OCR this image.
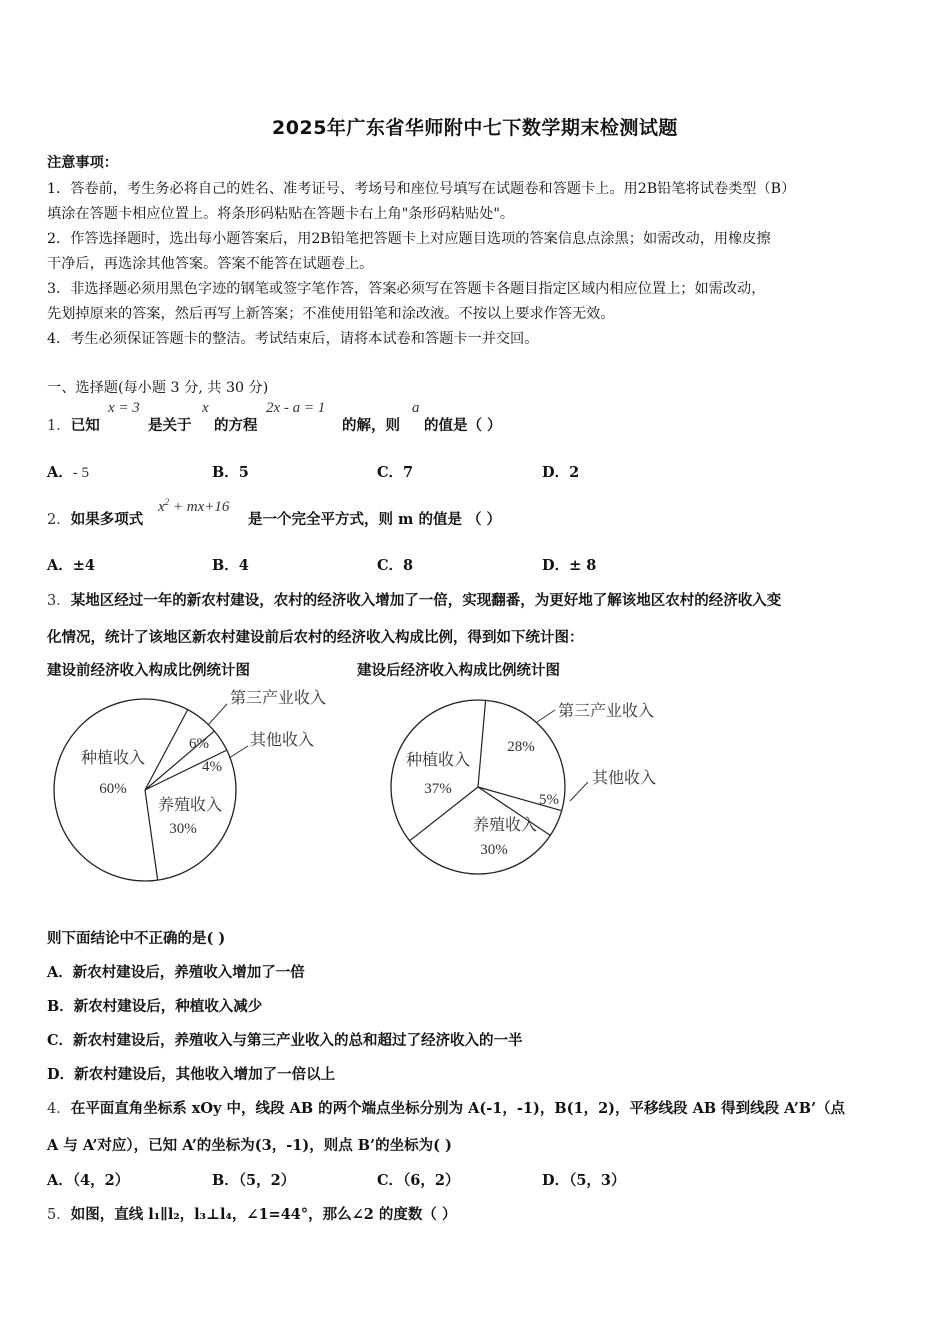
2025年广东省华师附中七下数学期末检测试题
注意事项：
1．答卷前，考生务必将自己的姓名、准考证号、考场号和座位号填写在试题卷和答题卡上。用2B铅笔将试卷类型（B）
填涂在答题卡相应位置上。将条形码粘贴在答题卡右上角"条形码粘贴处"。
2．作答选择题时，选出每小题答案后，用2B铅笔把答题卡上对应题目选项的答案信息点涂黑；如需改动，用橡皮擦
干净后，再选涂其他答案。答案不能答在试题卷上。
3．非选择题必须用黑色字迹的钢笔或签字笔作答，答案必须写在答题卡各题目指定区域内相应位置上；如需改动，
先划掉原来的答案，然后再写上新答案；不准使用铅笔和涂改液。不按以上要求作答无效。
4．考生必须保证答题卡的整洁。考试结束后，请将本试卷和答题卡一并交回。
一、选择题(每小题 3 分, 共 30 分)
1．已知
x = 3
是关于
x
的方程
2x - a = 1
的解，则
a
的值是（ ）
A．- 5	B．5	C．7	D．2
2．如果多项式
$x^2 + mx+16$
是一个完全平方式，则 m 的值是 （ ）
A．±4	B．4	C．8	D．± 8
3．某地区经过一年的新农村建设，农村的经济收入增加了一倍，实现翻番，为更好地了解该地区农村的经济收入变
化情况，统计了该地区新农村建设前后农村的经济收入构成比例，得到如下统计图：
建设前经济收入构成比例统计图	建设后经济收入构成比例统计图
种植收入
60%
第三产业收入
6%	其他收入
4%
养殖收入
30%
种植收入
37%
第三产业收入
28%
其他收入
5%
养殖收入
30%
则下面结论中不正确的是( )
A．新农村建设后，养殖收入增加了一倍
B．新农村建设后，种植收入减少
C．新农村建设后，养殖收入与第三产业收入的总和超过了经济收入的一半
D．新农村建设后，其他收入增加了一倍以上
4．在平面直角坐标系 xOy 中，线段 AB 的两个端点坐标分别为 A(-1，-1)，B(1，2)，平移线段 AB 得到线段 A’B’（点
A 与 A’对应），已知 A’的坐标为(3，-1)，则点 B’的坐标为( )
A．（4，2）	B．（5，2）	C．（6，2）	D．（5，3）
5．如图，直线 l₁∥l₂，l₃⊥l₄，∠1=44°，那么∠2 的度数（ ）
